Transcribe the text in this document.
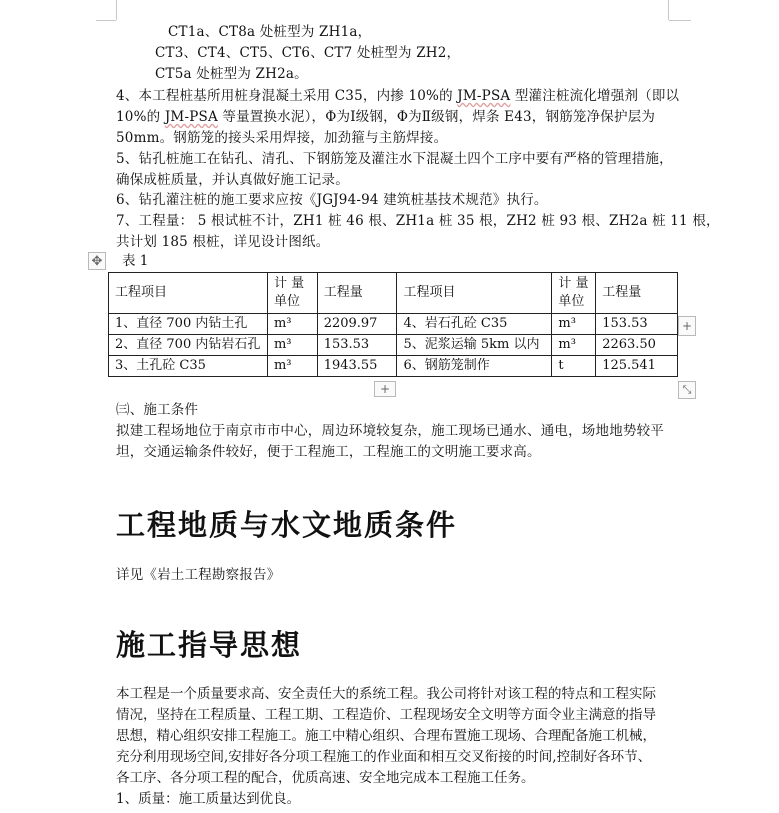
CT1a、CT8a 处桩型为 ZH1a，
CT3、CT4、CT5、CT6、CT7 处桩型为 ZH2，
CT5a 处桩型为 ZH2a。
4、本工程桩基所用桩身混凝土采用 C35，内掺 10%的 JM-PSA 型灌注桩流化增强剂（即以
10%的 JM-PSA 等量置换水泥），Φ为Ⅰ级钢，Φ为Ⅱ级钢，焊条 E43，钢筋笼净保护层为
50mm。钢筋笼的接头采用焊接，加劲箍与主筋焊接。
5、钻孔桩施工在钻孔、清孔、下钢筋笼及灌注水下混凝土四个工序中要有严格的管理措施，
确保成桩质量，并认真做好施工记录。
6、钻孔灌注桩的施工要求应按《JGJ94-94 建筑桩基技术规范》执行。
7、工程量： 5 根试桩不计，ZH1 桩 46 根、ZH1a 桩 35 根，ZH2 桩 93 根、ZH2a 桩 11 根，
共计划 185 根桩，详见设计图纸。
✥ 表 1
工程项目	计 量 单位	工程量	工程项目	计 量 单位	工程量
1、直径 700 内钻土孔	m³	2209.97	4、岩石孔砼 C35	m³	153.53
2、直径 700 内钻岩石孔	m³	153.53	5、泥浆运输 5km 以内	m³	2263.50
3、土孔砼 C35	m³	1943.55	6、钢筋笼制作	t	125.541
+
+	⤡
㈢、施工条件
拟建工程场地位于南京市市中心，周边环境较复杂，施工现场已通水、通电，场地地势较平
坦，交通运输条件较好，便于工程施工，工程施工的文明施工要求高。
工程地质与水文地质条件
详见《岩土工程勘察报告》
施工指导思想
本工程是一个质量要求高、安全责任大的系统工程。我公司将针对该工程的特点和工程实际
情况，坚持在工程质量、工程工期、工程造价、工程现场安全文明等方面令业主满意的指导
思想，精心组织安排工程施工。施工中精心组织、合理布置施工现场、合理配备施工机械，
充分利用现场空间,安排好各分项工程施工的作业面和相互交叉衔接的时间,控制好各环节、
各工序、各分项工程的配合，优质高速、安全地完成本工程施工任务。
1、质量：施工质量达到优良。
